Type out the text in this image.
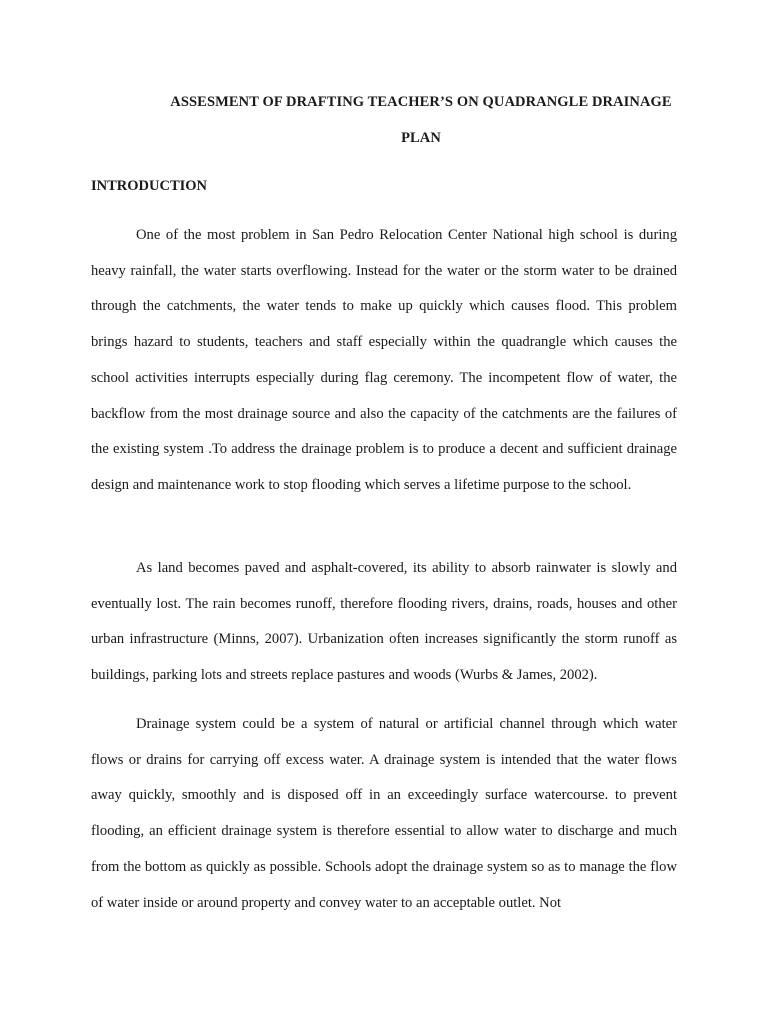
ASSESMENT OF DRAFTING TEACHER’S ON QUADRANGLE DRAINAGE
PLAN
INTRODUCTION

One of the most problem in San Pedro Relocation Center National high school is during heavy rainfall, the water starts overflowing. Instead for the water or the storm water to be drained through the catchments, the water tends to make up quickly which causes flood. This problem brings hazard to students, teachers and staff especially within the quadrangle which causes the school activities interrupts especially during flag ceremony. The incompetent flow of water, the backflow from the most drainage source and also the capacity of the catchments are the failures of the existing system .To address the drainage problem is to produce a decent and sufficient drainage design and maintenance work to stop flooding which serves a lifetime purpose to the school.

As land becomes paved and asphalt-covered, its ability to absorb rainwater is slowly and eventually lost. The rain becomes runoff, therefore flooding rivers, drains, roads, houses and other urban infrastructure (Minns, 2007). Urbanization often increases significantly the storm runoff as buildings, parking lots and streets replace pastures and woods (Wurbs & James, 2002).

Drainage system could be a system of natural or artificial channel through which water flows or drains for carrying off excess water. A drainage system is intended that the water flows away quickly, smoothly and is disposed off in an exceedingly surface watercourse. to prevent flooding, an efficient drainage system is therefore essential to allow water to discharge and much from the bottom as quickly as possible. Schools adopt the drainage system so as to manage the flow of water inside or around property and convey water to an acceptable outlet. Not
